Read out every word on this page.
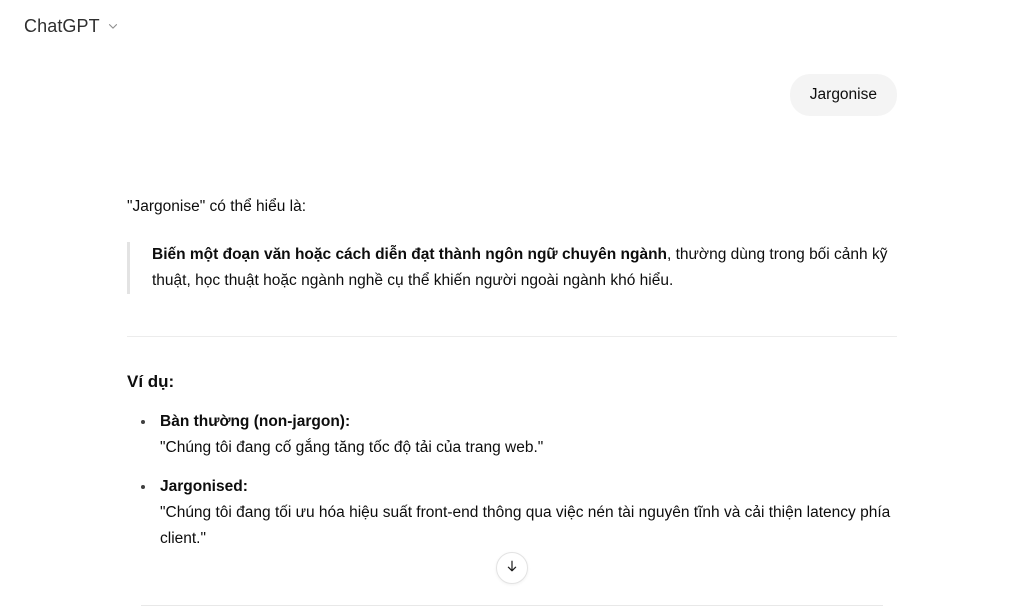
ChatGPT
Jargonise

"Jargonise" có thể hiểu là:

Biến một đoạn văn hoặc cách diễn đạt thành ngôn ngữ chuyên ngành, thường dùng trong bối cảnh kỹ thuật, học thuật hoặc ngành nghề cụ thể khiến người ngoài ngành khó hiểu.
Ví dụ:
Bàn thường (non-jargon):
"Chúng tôi đang cố gắng tăng tốc độ tải của trang web."
Jargonised:
"Chúng tôi đang tối ưu hóa hiệu suất front-end thông qua việc nén tài nguyên tĩnh và cải thiện latency phía client."
